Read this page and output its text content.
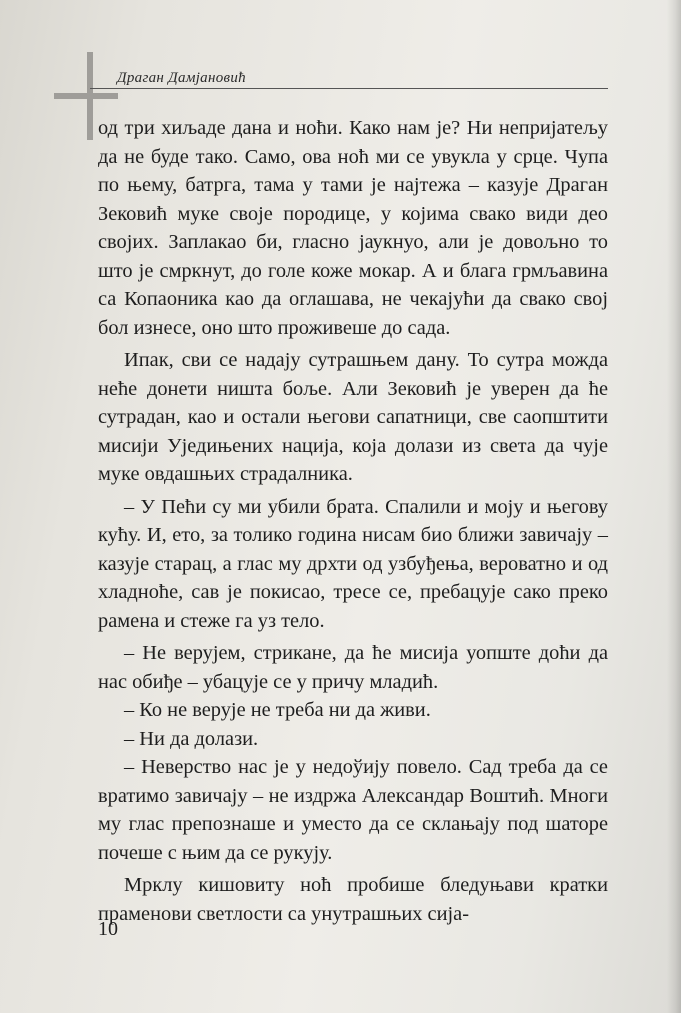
Драган Дамјановић

од три хиљаде дана и ноћи. Како нам је? Ни непријатељу да не буде тако. Само, ова ноћ ми се увукла у срце. Чупа по њему, батрга, тама у тами је најтежа – казује Драган Зековић муке своје породице, у којима свако види део својих. Заплакао би, гласно јаукнуо, али је довољно то што је смркнут, до голе коже мокар. А и блага грмљавина са Копаоника као да оглашава, не чекајући да свако свој бол изнесе, оно што проживеше до сада.

Ипак, сви се надају сутрашњем дану. То сутра можда неће донети ништа боље. Али Зековић је уверен да ће сутрадан, као и остали његови сапатници, све саопштити мисији Уједињених нација, која долази из света да чује муке овдашњих страдалника.

– У Пећи су ми убили брата. Спалили и моју и његову кућу. И, ето, за толико година нисам био ближи завичају – казује старац, а глас му дрхти од узбуђења, вероватно и од хладноће, сав је покисао, тресе се, пребацује сако преко рамена и стеже га уз тело.

– Не верујем, стрикане, да ће мисија уопште доћи да нас обиђе – убацује се у причу младић.

– Ко не верује не треба ни да живи.

– Ни да долази.

– Неверство нас је у недоўију повело. Сад треба да се вратимо завичају – не издржа Александар Воштић. Многи му глас препознаше и уместо да се склањају под шаторе почеше с њим да се рукују.

Мрклу кишовиту ноћ пробише бледуњави кратки праменови светлости са унутрашњих сија-

10
